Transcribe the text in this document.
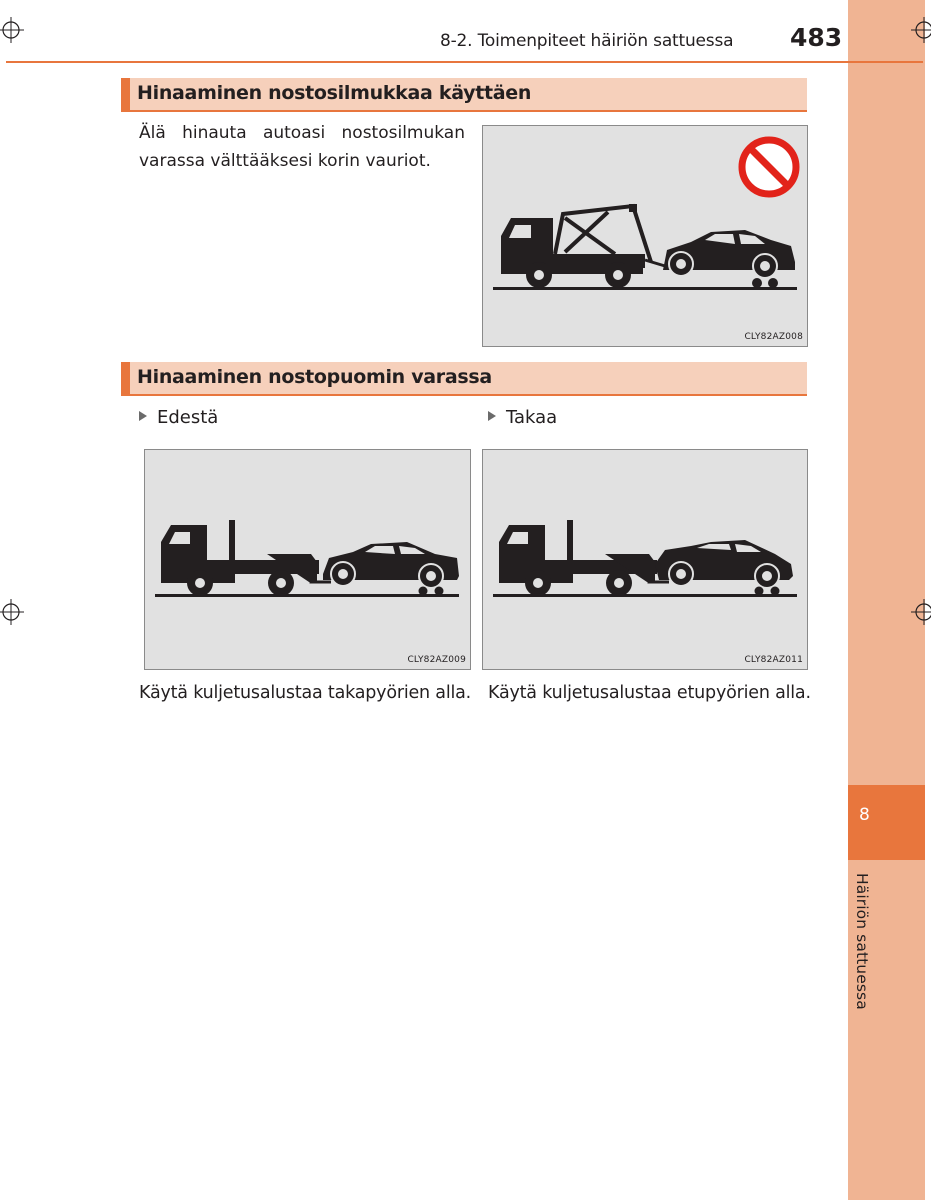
8
Häiriön sattuessa
8-2. Toimenpiteet häiriön sattuessa 483
Hinaaminen nostosilmukkaa käyttäen
Älä hinauta autoasi nostosilmukan
varassa välttääksesi korin vauriot.
CLY82AZ008
Hinaaminen nostopuomin varassa
Edestä	Takaa
CLY82AZ009	CLY82AZ011
Käytä kuljetusalustaa takapyörien alla. Käytä kuljetusalustaa etupyörien alla.
